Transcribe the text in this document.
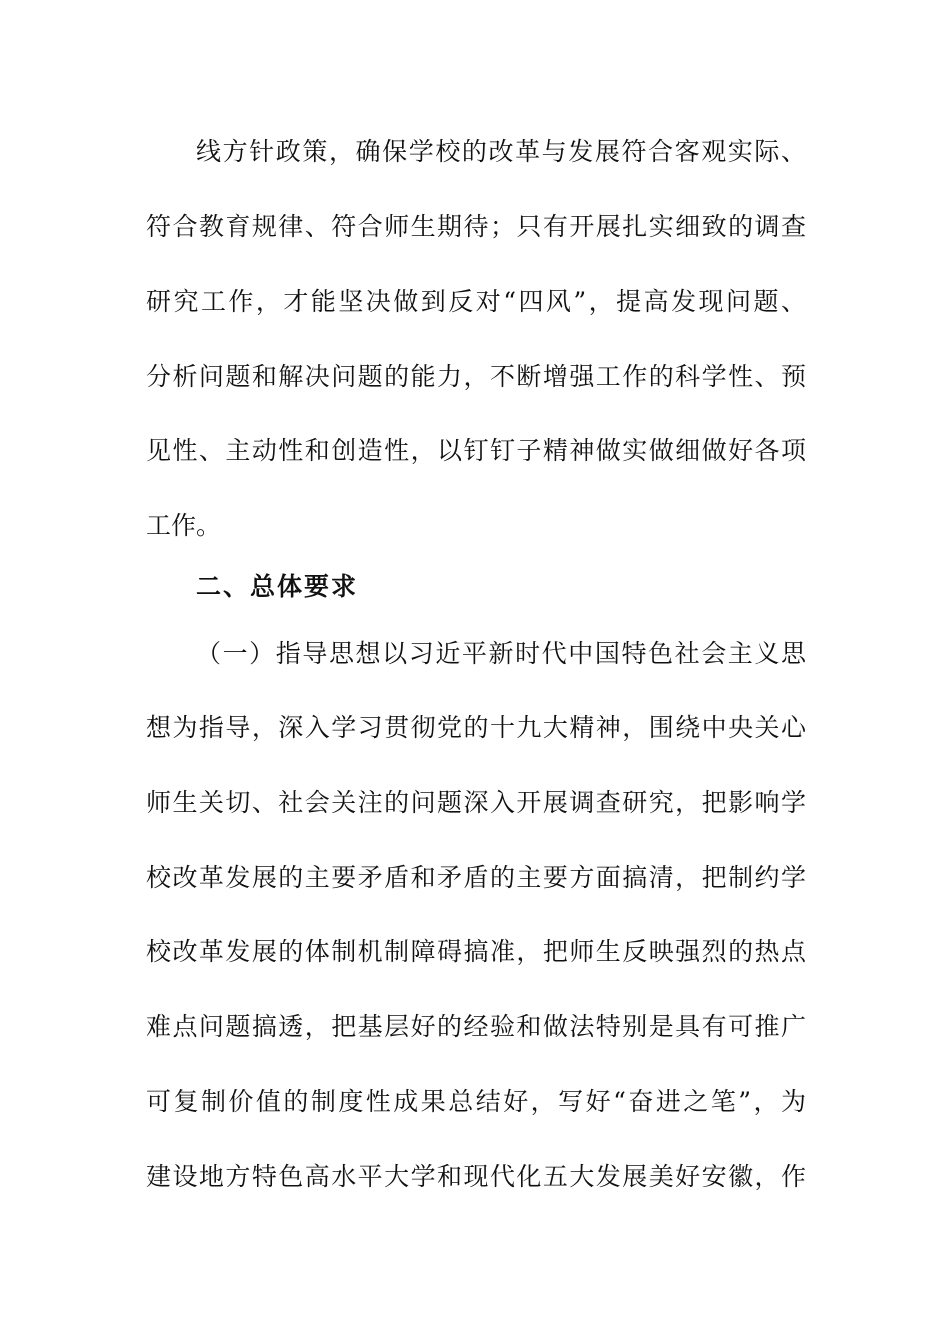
线方针政策，确保学校的改革与发展符合客观实际、
符合教育规律、符合师生期待；只有开展扎实细致的调查
研究工作，才能坚决做到反对“四风”，提高发现问题、
分析问题和解决问题的能力，不断增强工作的科学性、预
见性、主动性和创造性，以钉钉子精神做实做细做好各项
工作。
二、总体要求
（一）指导思想以习近平新时代中国特色社会主义思
想为指导，深入学习贯彻党的十九大精神，围绕中央关心
师生关切、社会关注的问题深入开展调查研究，把影响学
校改革发展的主要矛盾和矛盾的主要方面搞清，把制约学
校改革发展的体制机制障碍搞准，把师生反映强烈的热点
难点问题搞透，把基层好的经验和做法特别是具有可推广
可复制价值的制度性成果总结好，写好“奋进之笔”，为
建设地方特色高水平大学和现代化五大发展美好安徽，作
